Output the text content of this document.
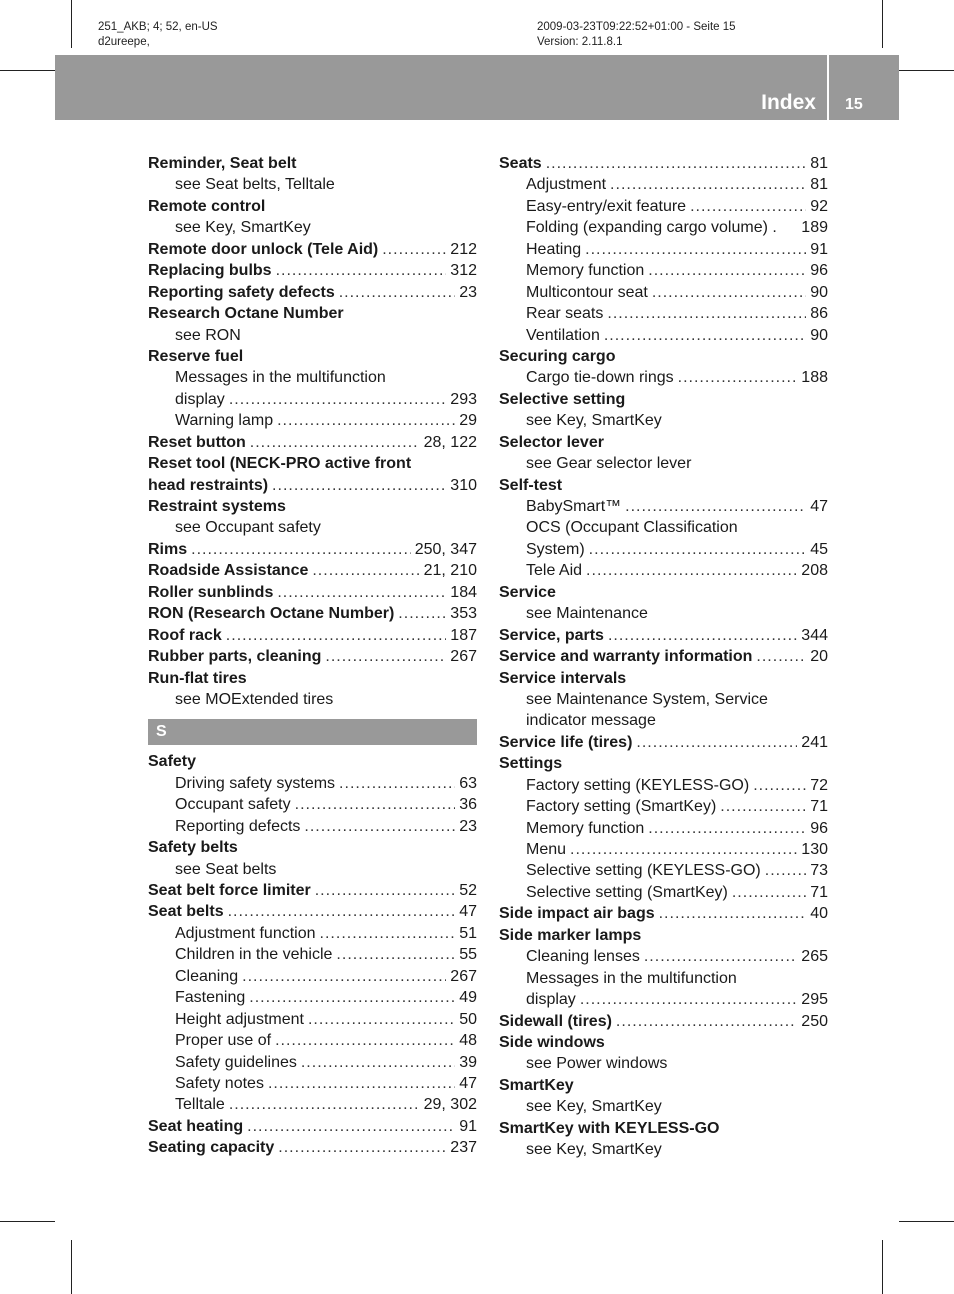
251_AKB; 4; 52, en-US
d2ureepe,
2009-03-23T09:22:52+01:00 - Seite 15
Version: 2.11.8.1
Index 15
Reminder, Seat belt
see Seat belts, Telltale
Remote control
see Key, SmartKey
Remote door unlock (Tele Aid) .....	212
Replacing bulbs .....	312
Reporting safety defects .....	23
Research Octane Number
see RON
Reserve fuel
Messages in the multifunction
display .....	293
Warning lamp .....	29
Reset button .....	28, 122
Reset tool (NECK-PRO active front
head restraints) .....	310
Restraint systems
see Occupant safety
Rims .....	250, 347
Roadside Assistance .....	21, 210
Roller sunblinds .....	184
RON (Research Octane Number) .....	353
Roof rack .....	187
Rubber parts, cleaning .....	267
Run-flat tires
see MOExtended tires
S
Safety
Driving safety systems .....	63
Occupant safety .....	36
Reporting defects .....	23
Safety belts
see Seat belts
Seat belt force limiter .....	52
Seat belts .....	47
Adjustment function .....	51
Children in the vehicle .....	55
Cleaning .....	267
Fastening .....	49
Height adjustment .....	50
Proper use of .....	48
Safety guidelines .....	39
Safety notes .....	47
Telltale .....	29, 302
Seat heating .....	91
Seating capacity .....	237
Seats .....	81
Adjustment .....	81
Easy-entry/exit feature .....	92
Folding (expanding cargo volume) . 189
Heating .....	91
Memory function .....	96
Multicontour seat .....	90
Rear seats .....	86
Ventilation .....	90
Securing cargo
Cargo tie-down rings .....	188
Selective setting
see Key, SmartKey
Selector lever
see Gear selector lever
Self-test
BabySmart™ .....	47
OCS (Occupant Classification
System) .....	45
Tele Aid .....	208
Service
see Maintenance
Service, parts .....	344
Service and warranty information .....	20
Service intervals
see Maintenance System, Service
indicator message
Service life (tires) .....	241
Settings
Factory setting (KEYLESS-GO) .....	72
Factory setting (SmartKey) .....	71
Memory function .....	96
Menu .....	130
Selective setting (KEYLESS-GO) .....	73
Selective setting (SmartKey) .....	71
Side impact air bags .....	40
Side marker lamps
Cleaning lenses .....	265
Messages in the multifunction
display .....	295
Sidewall (tires) .....	250
Side windows
see Power windows
SmartKey
see Key, SmartKey
SmartKey with KEYLESS-GO
see Key, SmartKey
